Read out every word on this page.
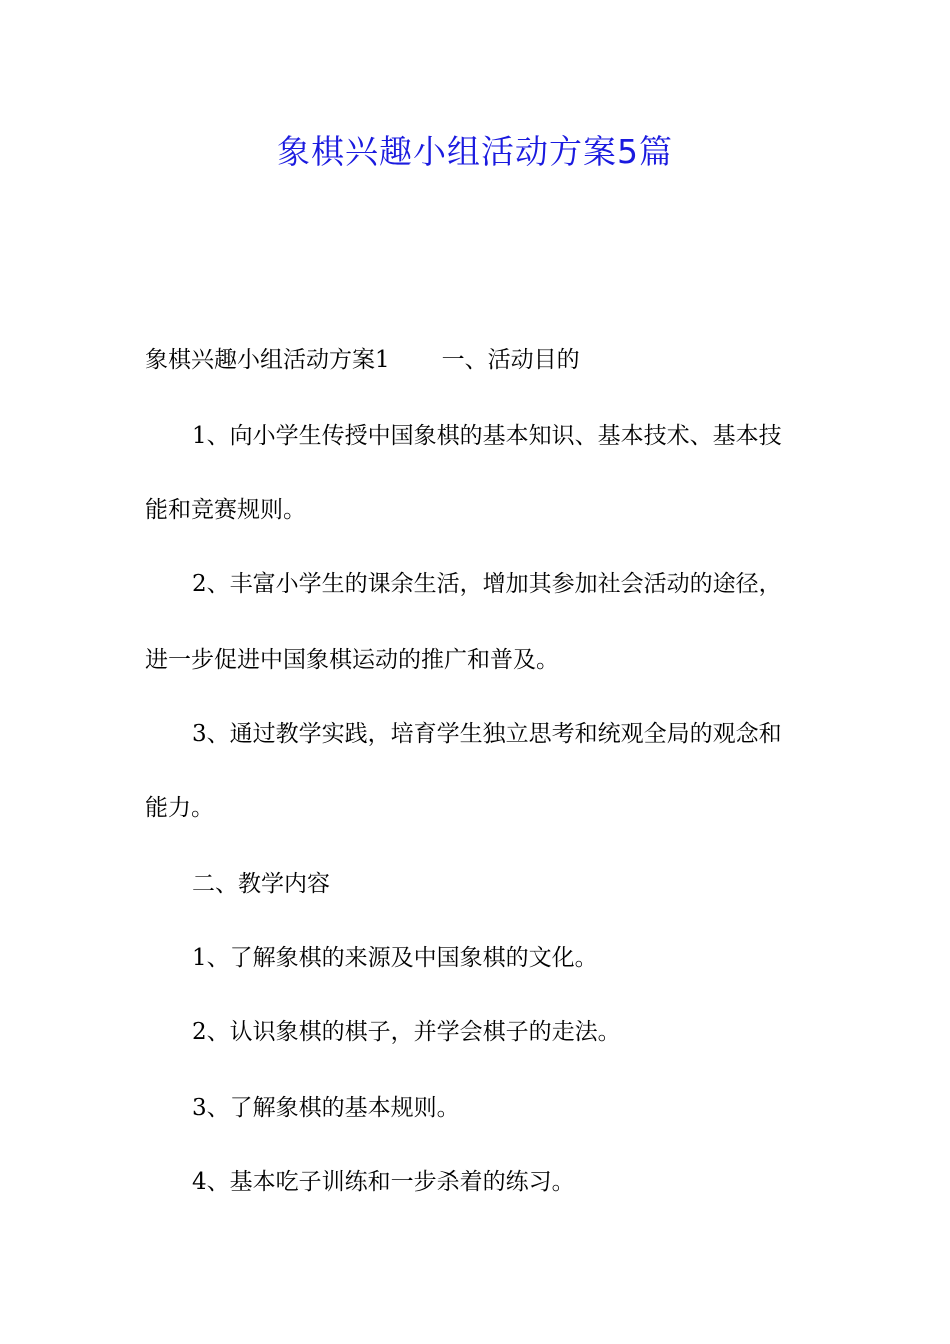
象棋兴趣小组活动方案5篇

象棋兴趣小组活动方案1 一、活动目的

1、向小学生传授中国象棋的基本知识、基本技术、基本技

能和竞赛规则。

2、丰富小学生的课余生活，增加其参加社会活动的途径，

进一步促进中国象棋运动的推广和普及。

3、通过教学实践，培育学生独立思考和统观全局的观念和

能力。

二、教学内容

1、了解象棋的来源及中国象棋的文化。

2、认识象棋的棋子，并学会棋子的走法。

3、了解象棋的基本规则。

4、基本吃子训练和一步杀着的练习。
